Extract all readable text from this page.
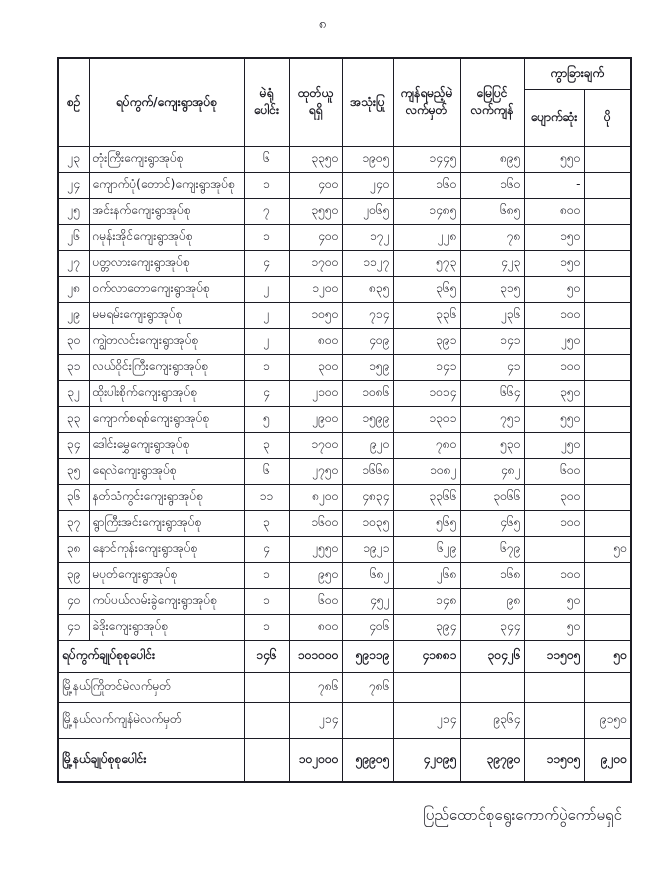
၈
စဉ်	ရပ်ကွက်/ကျေးရွာအုပ်စု	မဲရုံပေါင်း	ထုတ်ယူရရှိ	အသုံးပြု	ကျန်ရမည့်မဲလက်မှတ်	မြေပြင်လက်ကျန်	ကွာခြားချက်	
							ပျောက်ဆုံး	ပို
၂၃	တုံးကြီးကျေးရွာအုပ်စု	၆	၃၃၅၀	၁၉၀၅	၁၄၄၅	၈၉၅	၅၅၀	
၂၄	ကျောက်ပုံ(တောင်)ကျေးရွာအုပ်စု	၁	၄၀၀	၂၄၀	၁၆၀	၁၆၀	-	
၂၅	အင်းနက်ကျေးရွာအုပ်စု	၇	၃၅၅၀	၂၀၆၅	၁၄၈၅	၆၈၅	၈၀၀	
၂၆	ဂမုန်းအိုင်ကျေးရွာအုပ်စု	၁	၄၀၀	၁၇၂	၂၂၈	၇၈	၁၅၀	
၂၇	ပတ္တလားကျေးရွာအုပ်စု	၄	၁၇၀၀	၁၁၂၇	၅၇၃	၄၂၃	၁၅၀	
၂၈	ဝက်လာတောကျေးရွာအုပ်စု	၂	၁၂၀၀	၈၃၅	၃၆၅	၃၁၅	၅၀	
၂၉	မမရမ်းကျေးရွာအုပ်စု	၂	၁၀၅၀	၇၁၄	၃၃၆	၂၃၆	၁၀၀	
၃၀	ကျွဲတလင်းကျေးရွာအုပ်စု	၂	၈၀၀	၄၀၉	၃၉၁	၁၄၁	၂၅၀	
၃၁	လယ်ဝိုင်းကြီးကျေးရွာအုပ်စု	၁	၃၀၀	၁၅၉	၁၄၁	၄၁	၁၀၀	
၃၂	ထိုးပါးစိုက်ကျေးရွာအုပ်စု	၄	၂၁၀၀	၁၀၈၆	၁၀၁၄	၆၆၄	၃၅၀	
၃၃	ကျောက်စရစ်ကျေးရွာအုပ်စု	၅	၂၉၀၀	၁၅၉၉	၁၃၀၁	၇၅၁	၅၅၀	
၃၄	ဒေါင်းမွှေကျေးရွာအုပ်စု	၃	၁၇၀၀	၉၂၀	၇၈၀	၅၃၀	၂၅၀	
၃၅	ရေလဲကျေးရွာအုပ်စု	၆	၂၇၅၀	၁၆၆၈	၁၀၈၂	၄၈၂	၆၀၀	
၃၆	နတ်သံကွင်းကျေးရွာအုပ်စု	၁၁	၈၂၀၀	၄၈၃၄	၃၃၆၆	၃၀၆၆	၃၀၀	
၃၇	ရွာကြီးအင်းကျေးရွာအုပ်စု	၃	၁၆၀၀	၁၀၃၅	၅၆၅	၄၆၅	၁၀၀	
၃၈	နောင်ကုန်းကျေးရွာအုပ်စု	၄	၂၅၅၀	၁၉၂၁	၆၂၉	၆၇၉		၅၀
၃၉	မပုတ်ကျေးရွာအုပ်စု	၁	၉၅၀	၆၈၂	၂၆၈	၁၆၈	၁၀၀	
၄၀	ကပ်ပယ်လမ်းခွဲကျေးရွာအုပ်စု	၁	၆၀၀	၄၅၂	၁၄၈	၉၈	၅၀	
၄၁	ခဲဒိုးကျေးရွာအုပ်စု	၁	၈၀၀	၄၀၆	၃၉၄	၃၄၄	၅၀	
ရပ်ကွက်ချုပ်စုစုပေါင်း		၁၄၆	၁၀၁၀၀၀	၅၉၁၁၉	၄၁၈၈၁	၃၀၄၂၆	၁၁၅၀၅	၅၀
မြို့နယ်ကြိုတင်မဲလက်မှတ်			၇၈၆	၇၈၆				
မြို့နယ်လက်ကျန်မဲလက်မှတ်			၂၁၄		၂၁၄	၉၃၆၄		၉၁၅၀
မြို့နယ်ချုပ်စုစုပေါင်း			၁၀၂၀၀၀	၅၉၉၀၅	၄၂၀၉၅	၃၉၇၉၀	၁၁၅၀၅	၉၂၀၀
ပြည်ထောင်စုရွေးကောက်ပွဲကော်မရှင်
